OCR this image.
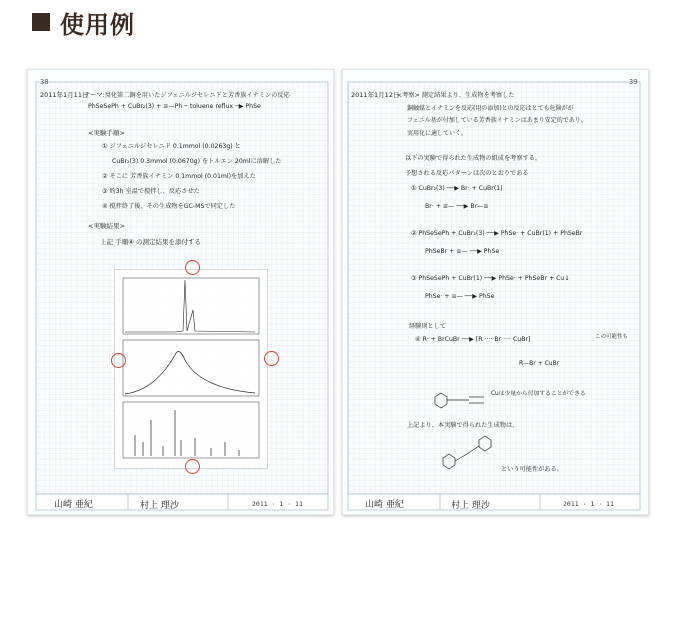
使用例
38
2011年1月11日
テーマ:臭化第二銅を用いたジフェニルジセレニドと芳香族イナミンの反応
PhSeSePh + CuBr₂(3) + ≡—Ph ─ toluene reflux ─▶ PhSe
<実験手順>
① ジフェニルジセレニド 0.1mmol (0.0263g) と
CuBr₂(3) 0.3mmol (0.0670g) をトルエン 20mlに溶解した
② そこに 芳香族イナミン 0.1mmol (0.01ml)を加えた
③ 約3h 室温で撹拌し、反応させた
④ 撹拌終了後、その生成物をGC-MSで同定した
<実験結果>
上記 手順④ の測定結果を添付する
山崎 亜紀	村上 理沙	2011 · 1 · 11
39
2011年1月12日
<考察> 測定結果より、生成物を考察した
銅触媒とイナミンを反応(用の添加)との反応はとても危険がが
フェニル基が付加している芳香族イナミンはあまり安定的であり、
実用化に適していく。
以下の実験で得られた生成物の組成を考察する。
予想される反応パターンは次のとおりである
① CuBr₂(3) ──▶ Br· + CuBr(1)
Br· + ≡— ──▶ Br—≡
② PhSeSePh + CuBr₂(3) ──▶ PhSe· + CuBr(1) + PhSeBr
PhSeBr + ≡— ──▶ PhSe
③ PhSeSePh + CuBr(1) ──▶ PhSe· + PhSeBr + Cu↓
PhSe· + ≡— ──▶ PhSe
経験則として
④ R· + BrCuBr ──▶ [R ···· Br ···· CuBr]
R—Br + CuBr
この可能性も
Cuは少量から付加することができる
上記より、本実験で得られた生成物は、
という可能性がある。
山崎 亜紀	村上 理沙	2011 · 1 · 11
